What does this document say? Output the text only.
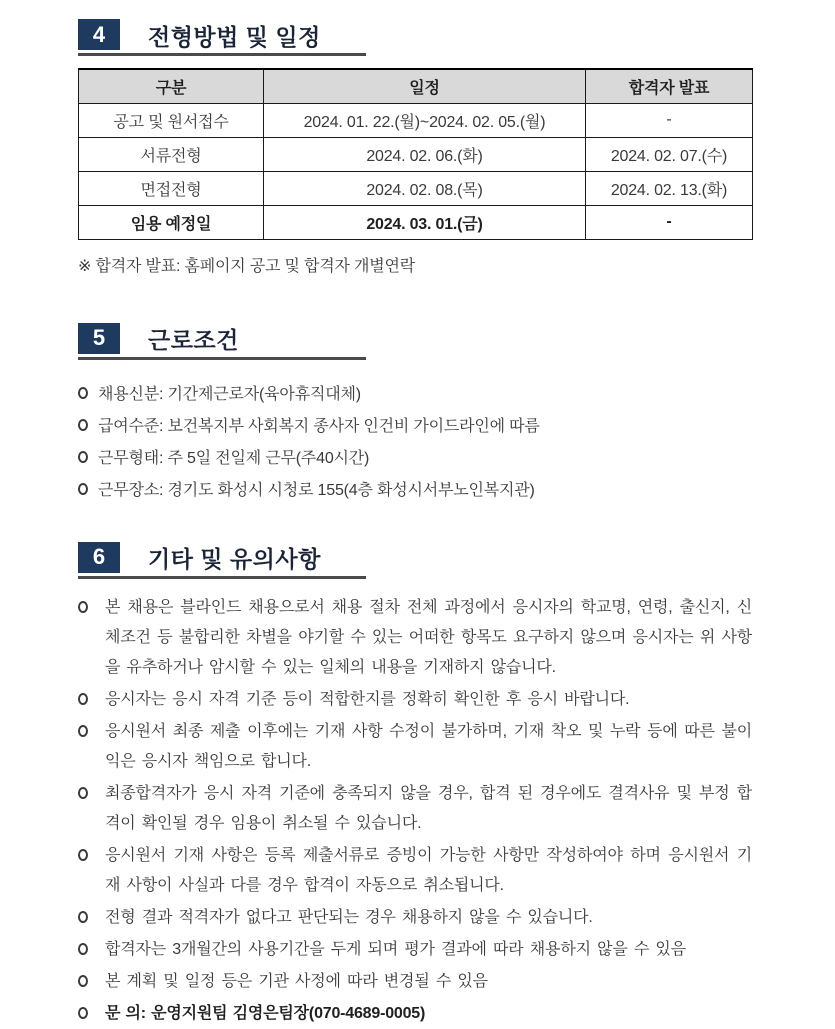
4 전형방법 및 일정
구분	일정	합격자 발표
공고 및 원서접수	2024. 01. 22.(월)~2024. 02. 05.(월)	-
서류전형	2024. 02. 06.(화)	2024. 02. 07.(수)
면접전형	2024. 02. 08.(목)	2024. 02. 13.(화)
임용 예정일	2024. 03. 01.(금)	-
※ 합격자 발표: 홈페이지 공고 및 합격자 개별연락
5 근로조건
채용신분: 기간제근로자(육아휴직대체)
급여수준: 보건복지부 사회복지 종사자 인건비 가이드라인에 따름
근무형태: 주 5일 전일제 근무(주40시간)
근무장소: 경기도 화성시 시청로 155(4층 화성시서부노인복지관)
6 기타 및 유의사항
본 채용은 블라인드 채용으로서 채용 절차 전체 과정에서 응시자의 학교명, 연령, 출신지, 신체조건 등 불합리한 차별을 야기할 수 있는 어떠한 항목도 요구하지 않으며 응시자는 위 사항을 유추하거나 암시할 수 있는 일체의 내용을 기재하지 않습니다.
응시자는 응시 자격 기준 등이 적합한지를 정확히 확인한 후 응시 바랍니다.
응시원서 최종 제출 이후에는 기재 사항 수정이 불가하며, 기재 착오 및 누락 등에 따른 불이익은 응시자 책임으로 합니다.
최종합격자가 응시 자격 기준에 충족되지 않을 경우, 합격 된 경우에도 결격사유 및 부정 합격이 확인될 경우 임용이 취소될 수 있습니다.
응시원서 기재 사항은 등록 제출서류로 증빙이 가능한 사항만 작성하여야 하며 응시원서 기재 사항이 사실과 다를 경우 합격이 자동으로 취소됩니다.
전형 결과 적격자가 없다고 판단되는 경우 채용하지 않을 수 있습니다.
합격자는 3개월간의 사용기간을 두게 되며 평가 결과에 따라 채용하지 않을 수 있음
본 계획 및 일정 등은 기관 사정에 따라 변경될 수 있음
문 의: 운영지원팀 김영은팀장(070-4689-0005)
